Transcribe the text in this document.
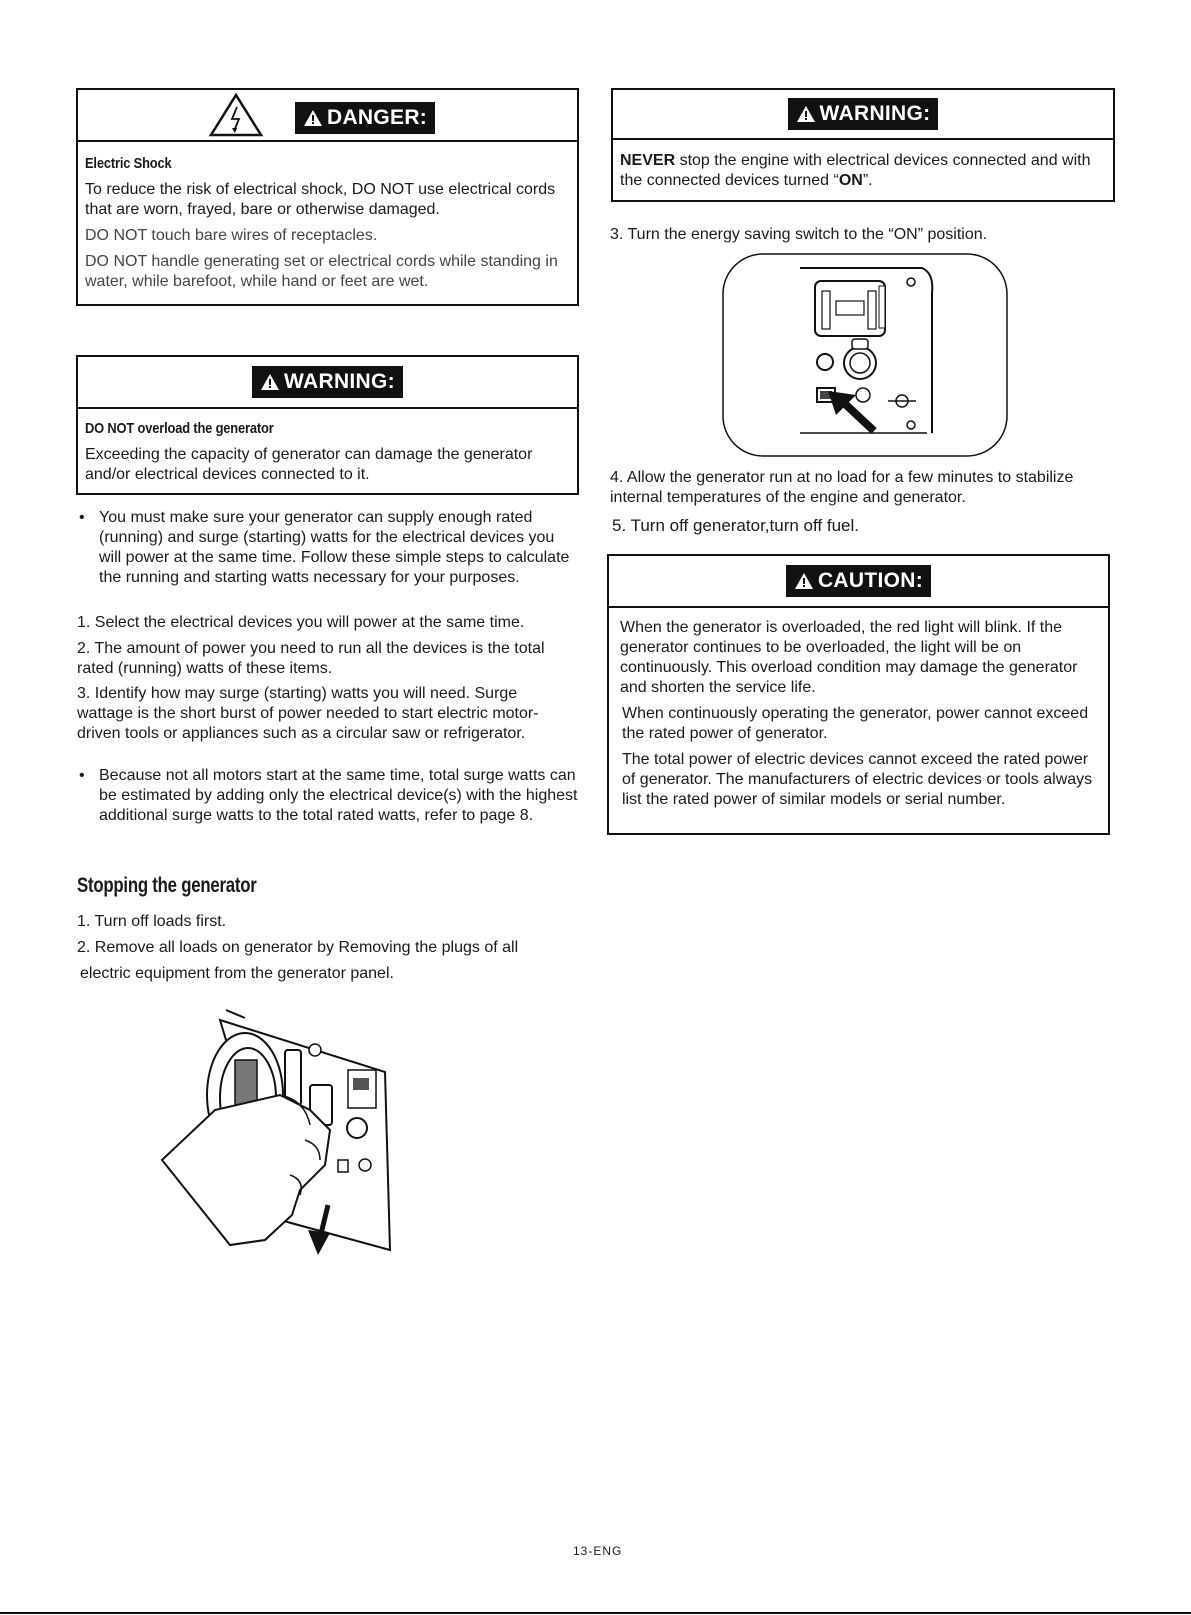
DANGER:
Electric Shock
To reduce the risk of electrical shock, DO NOT use electrical cords that are worn, frayed, bare or otherwise damaged.
DO NOT touch bare wires of receptacles.
DO NOT handle generating set or electrical cords while standing in water, while barefoot, while hand or feet are wet.
WARNING:
DO NOT overload the generator
Exceeding the capacity of generator can damage the generator and/or electrical devices connected to it.
• You must make sure your generator can supply enough rated (running) and surge (starting) watts for the electrical devices you will power at the same time. Follow these simple steps to calculate the running and starting watts necessary for your purposes.
1. Select the electrical devices you will power at the same time.
2. The amount of power you need to run all the devices is the total rated (running) watts of these items.
3. Identify how may surge (starting) watts you will need. Surge wattage is the short burst of power needed to start electric motor-driven tools or appliances such as a circular saw or refrigerator.
• Because not all motors start at the same time, total surge watts can be estimated by adding only the electrical device(s) with the highest additional surge watts to the total rated watts, refer to page 8.
Stopping the generator
1. Turn off loads first.
2. Remove all loads on generator by Removing the plugs of all
electric equipment from the generator panel.
WARNING:
NEVER stop the engine with electrical devices connected and with the connected devices turned “ON”.
3. Turn the energy saving switch to the “ON” position.
4. Allow the generator run at no load for a few minutes to stabilize internal temperatures of the engine and generator.
5. Turn off generator,turn off fuel.
CAUTION:
When the generator is overloaded, the red light will blink. If the generator continues to be overloaded, the light will be on continuously. This overload condition may damage the generator and shorten the service life.
When continuously operating the generator, power cannot exceed the rated power of generator.
The total power of electric devices cannot exceed the rated power of generator. The manufacturers of electric devices or tools always list the rated power of similar models or serial number.
13-ENG
